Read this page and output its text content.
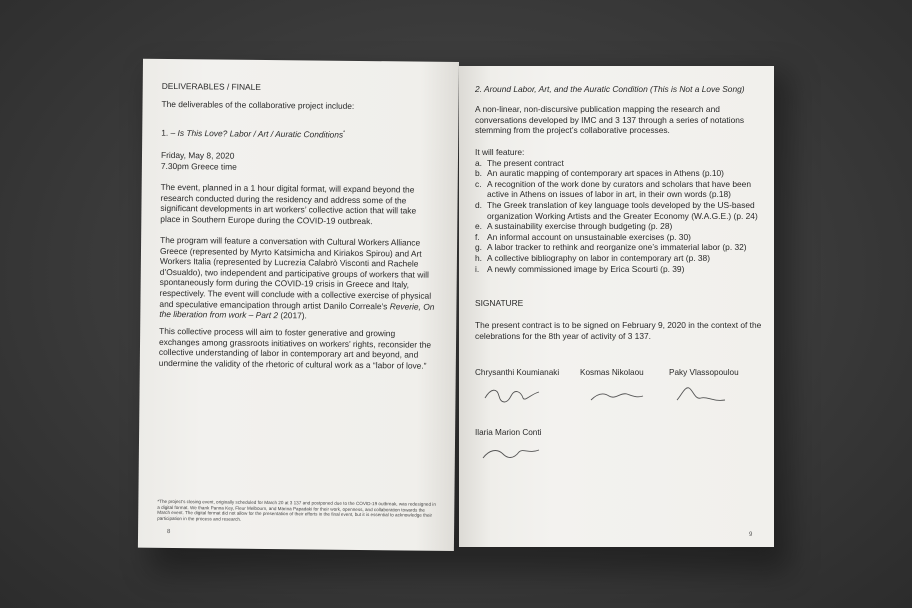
DELIVERABLES / FINALE
The deliverables of the collaborative project include:
1. – Is This Love? Labor / Art / Auratic Conditions*
Friday, May 8, 2020
7.30pm Greece time
The event, planned in a 1 hour digital format, will expand beyond the research conducted during the residency and address some of the significant developments in art workers’ collective action that will take place in Southern Europe during the COVID-19 outbreak.
The program will feature a conversation with Cultural Workers Alliance Greece (represented by Myrto Katsimicha and Kiriakos Spirou) and Art Workers Italia (represented by Lucrezia Calabrò Visconti and Rachele d’Osualdo), two independent and participative groups of workers that will spontaneously form during the COVID-19 crisis in Greece and Italy, respectively. The event will conclude with a collective exercise of physical and speculative emancipation through artist Danilo Correale’s Reverie, On the liberation from work – Part 2 (2017).
This collective process will aim to foster generative and growing exchanges among grassroots initiatives on workers’ rights, reconsider the collective understanding of labor in contemporary art and beyond, and undermine the validity of the rhetoric of cultural work as a “labor of love.”
*The project’s closing event, originally scheduled for March 20 at 3 137 and postponed due to the COVID-19 outbreak, was redesigned in a digital format. We thank Panna Key, Fleur Melbourn, and Marina Papadaki for their work, openness, and collaboration towards the March event. The digital format did not allow for the presentation of their efforts in the final event, but it is essential to acknowledge their participation in the process and research.
8
2. Around Labor, Art, and the Auratic Condition (This is Not a Love Song)
A non-linear, non-discursive publication mapping the research and conversations developed by IMC and 3 137 through a series of notations stemming from the project’s collaborative processes.
It will feature:
a. The present contract
b. An auratic mapping of contemporary art spaces in Athens (p.10)
c. A recognition of the work done by curators and scholars that have been active in Athens on issues of labor in art, in their own words (p.18)
d. The Greek translation of key language tools developed by the US-based organization Working Artists and the Greater Economy (W.A.G.E.) (p. 24)
e. A sustainability exercise through budgeting (p. 28)
f. An informal account on unsustainable exercises (p. 30)
g. A labor tracker to rethink and reorganize one’s immaterial labor (p. 32)
h. A collective bibliography on labor in contemporary art (p. 38)
i. A newly commissioned image by Erica Scourti (p. 39)
SIGNATURE
The present contract is to be signed on February 9, 2020 in the context of the celebrations for the 8th year of activity of 3 137.
Chrysanthi Koumianaki	Kosmas Nikolaou	Paky Vlassopoulou
Ilaria Marion Conti
9
